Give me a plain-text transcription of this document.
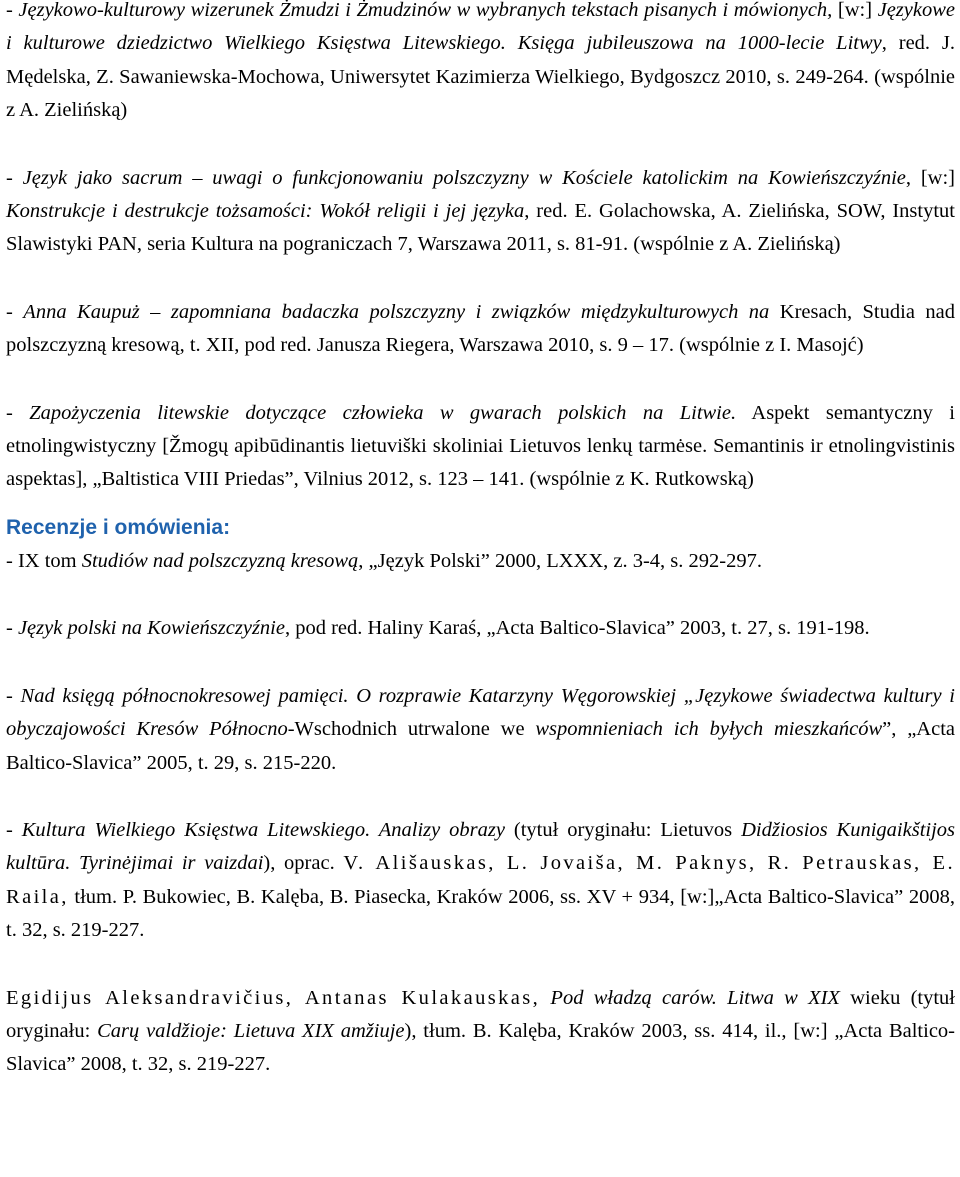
- Językowo-kulturowy wizerunek Żmudzi i Żmudzinów w wybranych tekstach pisanych i mówionych, [w:] Językowe i kulturowe dziedzictwo Wielkiego Księstwa Litewskiego. Księga jubileuszowa na 1000-lecie Litwy, red. J. Mędelska, Z. Sawaniewska-Mochowa, Uniwersytet Kazimierza Wielkiego, Bydgoszcz 2010, s. 249-264. (wspólnie z A. Zielińską)

- Język jako sacrum – uwagi o funkcjonowaniu polszczyzny w Kościele katolickim na Kowieńszczyźnie, [w:] Konstrukcje i destrukcje tożsamości: Wokół religii i jej języka, red. E. Golachowska, A. Zielińska, SOW, Instytut Slawistyki PAN, seria Kultura na pograniczach 7, Warszawa 2011, s. 81-91. (wspólnie z A. Zielińską)

- Anna Kaupuż – zapomniana badaczka polszczyzny i związków międzykulturowych na Kresach, Studia nad polszczyzną kresową, t. XII, pod red. Janusza Riegera, Warszawa 2010, s. 9 – 17. (wspólnie z I. Masojć)

- Zapożyczenia litewskie dotyczące człowieka w gwarach polskich na Litwie. Aspekt semantyczny i etnolingwistyczny [Žmogų apibūdinantis lietuviški skoliniai Lietuvos lenkų tarmėse. Semantinis ir etnolingvistinis aspektas], „Baltistica VIII Priedas”, Vilnius 2012, s. 123 – 141. (wspólnie z K. Rutkowską)

Recenzje i omówienia:

- IX tom Studiów nad polszczyzną kresową, „Język Polski” 2000, LXXX, z. 3-4, s. 292-297.

- Język polski na Kowieńszczyźnie, pod red. Haliny Karaś, „Acta Baltico-Slavica” 2003, t. 27, s. 191-198.

- Nad księgą północnokresowej pamięci. O rozprawie Katarzyny Węgorowskiej „Językowe świadectwa kultury i obyczajowości Kresów Północno-Wschodnich utrwalone we wspomnieniach ich byłych mieszkańców”, „Acta Baltico-Slavica” 2005, t. 29, s. 215-220.

- Kultura Wielkiego Księstwa Litewskiego. Analizy obrazy (tytuł oryginału: Lietuvos Didžiosios Kunigaikštijos kultūra. Tyrinėjimai ir vaizdai), oprac. V. Ališauskas, L. Jovaiša, M. Paknys, R. Petrauskas, E. Raila, tłum. P. Bukowiec, B. Kalęba, B. Piasecka, Kraków 2006, ss. XV + 934, [w:]„Acta Baltico-Slavica” 2008, t. 32, s. 219-227.

Egidijus Aleksandravičius, Antanas Kulakauskas, Pod władzą carów. Litwa w XIX wieku (tytuł oryginału: Carų valdžioje: Lietuva XIX amžiuje), tłum. B. Kalęba, Kraków 2003, ss. 414, il., [w:] „Acta Baltico-Slavica” 2008, t. 32, s. 219-227.
